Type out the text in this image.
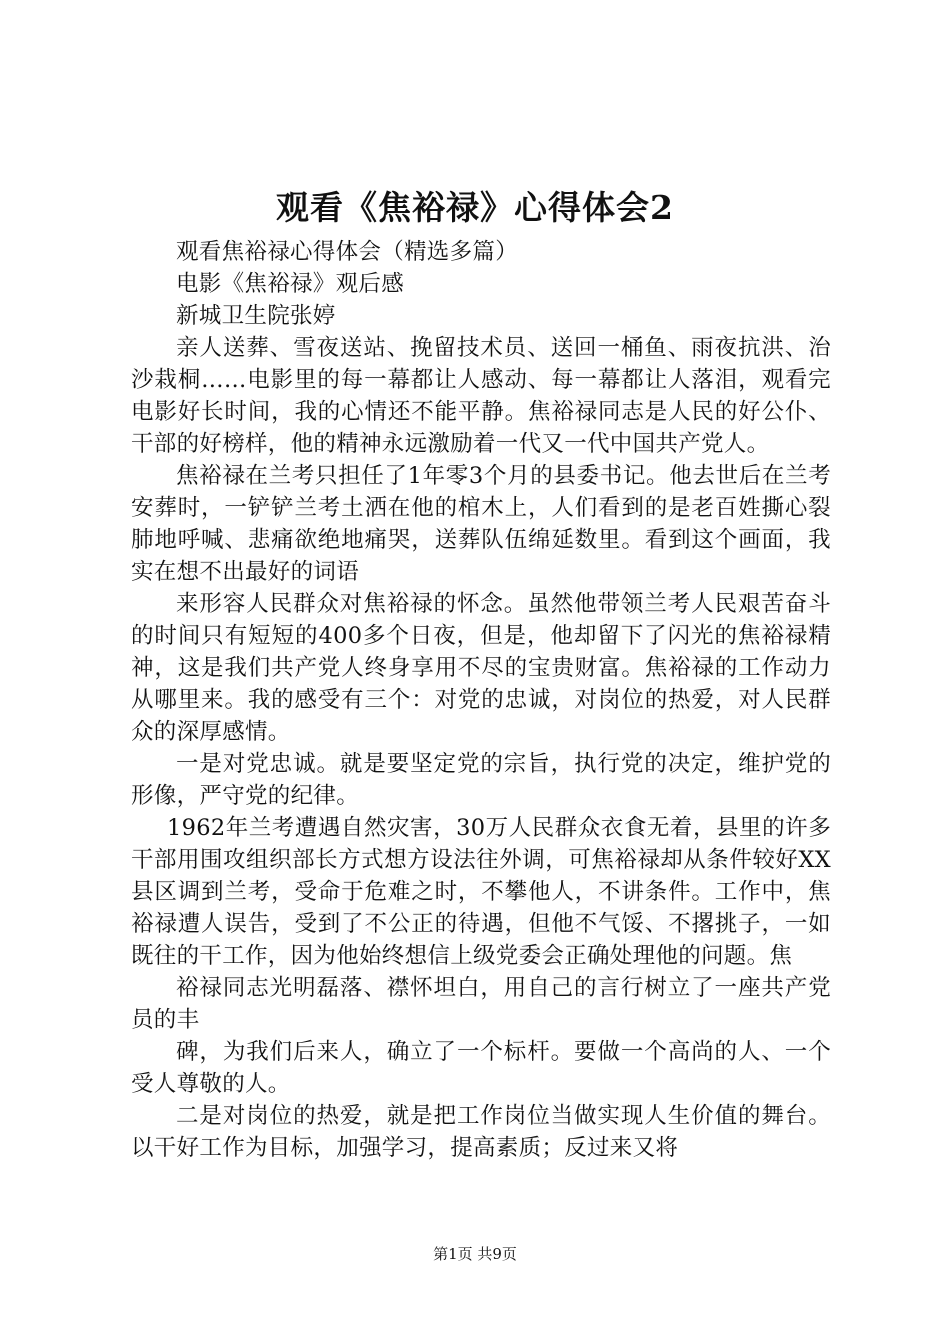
观看《焦裕禄》心得体会2

观看焦裕禄心得体会（精选多篇）

电影《焦裕禄》观后感

新城卫生院张婷

亲人送葬、雪夜送站、挽留技术员、送回一桶鱼、雨夜抗洪、治沙栽桐……电影里的每一幕都让人感动、每一幕都让人落泪，观看完电影好长时间，我的心情还不能平静。焦裕禄同志是人民的好公仆、干部的好榜样，他的精神永远激励着一代又一代中国共产党人。

焦裕禄在兰考只担任了1年零3个月的县委书记。他去世后在兰考安葬时，一铲铲兰考土洒在他的棺木上，人们看到的是老百姓撕心裂肺地呼喊、悲痛欲绝地痛哭，送葬队伍绵延数里。看到这个画面，我实在想不出最好的词语

来形容人民群众对焦裕禄的怀念。虽然他带领兰考人民艰苦奋斗的时间只有短短的400多个日夜，但是，他却留下了闪光的焦裕禄精神，这是我们共产党人终身享用不尽的宝贵财富。焦裕禄的工作动力从哪里来。我的感受有三个：对党的忠诚，对岗位的热爱，对人民群众的深厚感情。

一是对党忠诚。就是要坚定党的宗旨，执行党的决定，维护党的形像，严守党的纪律。

1962年兰考遭遇自然灾害，30万人民群众衣食无着，县里的许多干部用围攻组织部长方式想方设法往外调，可焦裕禄却从条件较好XX县区调到兰考，受命于危难之时，不攀他人，不讲条件。工作中，焦裕禄遭人误告，受到了不公正的待遇，但他不气馁、不撂挑子，一如既往的干工作，因为他始终想信上级党委会正确处理他的问题。焦

裕禄同志光明磊落、襟怀坦白，用自己的言行树立了一座共产党员的丰

碑，为我们后来人，确立了一个标杆。要做一个高尚的人、一个受人尊敬的人。

二是对岗位的热爱，就是把工作岗位当做实现人生价值的舞台。以干好工作为目标，加强学习，提高素质；反过来又将

第1页 共9页
